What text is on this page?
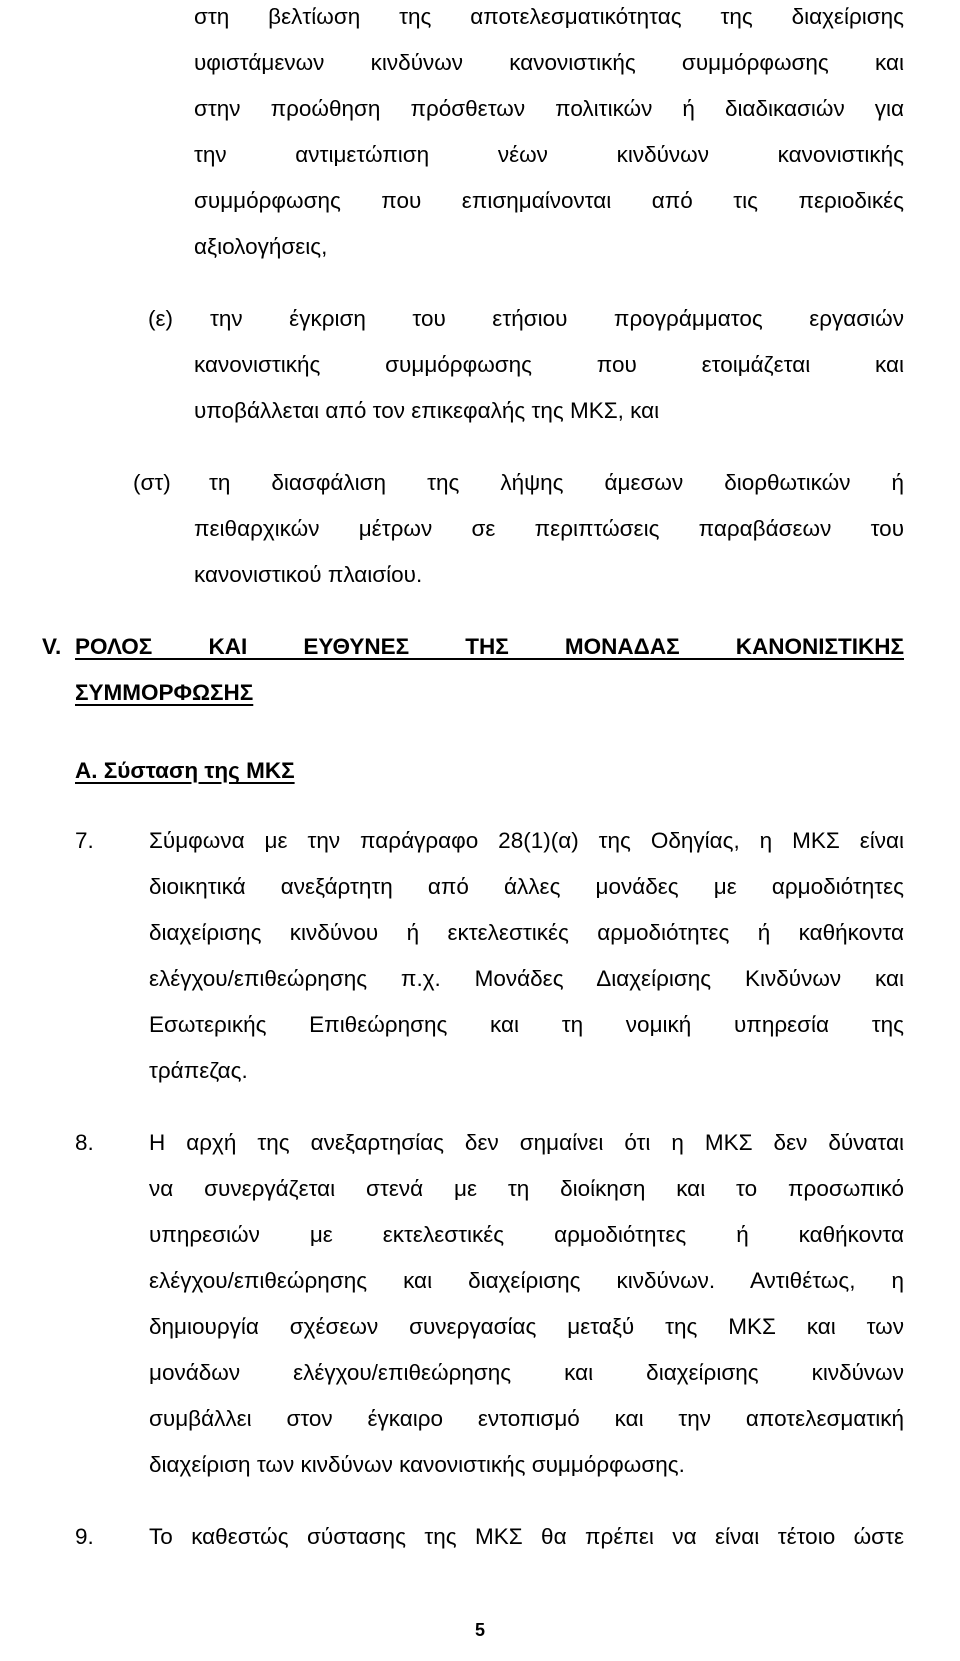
στη βελτίωση της αποτελεσματικότητας της διαχείρισης
υφιστάμενων κινδύνων κανονιστικής συμμόρφωσης και
στην προώθηση πρόσθετων πολιτικών ή διαδικασιών για
την αντιμετώπιση νέων κινδύνων κανονιστικής
συμμόρφωσης που επισημαίνονται από τις περιοδικές
αξιολογήσεις,
(ε) την έγκριση του ετήσιου προγράμματος εργασιών
κανονιστικής συμμόρφωσης που ετοιμάζεται και
υποβάλλεται από τον επικεφαλής της ΜΚΣ, και
(στ) τη διασφάλιση της λήψης άμεσων διορθωτικών ή
πειθαρχικών μέτρων σε περιπτώσεις παραβάσεων του
κανονιστικού πλαισίου.
V. ΡΟΛΟΣ ΚΑΙ ΕΥΘΥΝΕΣ ΤΗΣ ΜΟΝΑΔΑΣ ΚΑΝΟΝΙΣΤΙΚΗΣ
ΣΥΜΜΟΡΦΩΣΗΣ
Α. Σύσταση της ΜΚΣ
7. Σύμφωνα με την παράγραφο 28(1)(α) της Οδηγίας, η ΜΚΣ είναι
διοικητικά ανεξάρτητη από άλλες μονάδες με αρμοδιότητες
διαχείρισης κινδύνου ή εκτελεστικές αρμοδιότητες ή καθήκοντα
ελέγχου/επιθεώρησης π.χ. Μονάδες Διαχείρισης Κινδύνων και
Εσωτερικής Επιθεώρησης και τη νομική υπηρεσία της
τράπεζας.
8. Η αρχή της ανεξαρτησίας δεν σημαίνει ότι η ΜΚΣ δεν δύναται
να συνεργάζεται στενά με τη διοίκηση και το προσωπικό
υπηρεσιών με εκτελεστικές αρμοδιότητες ή καθήκοντα
ελέγχου/επιθεώρησης και διαχείρισης κινδύνων. Αντιθέτως, η
δημιουργία σχέσεων συνεργασίας μεταξύ της ΜΚΣ και των
μονάδων ελέγχου/επιθεώρησης και διαχείρισης κινδύνων
συμβάλλει στον έγκαιρο εντοπισμό και την αποτελεσματική
διαχείριση των κινδύνων κανονιστικής συμμόρφωσης.
9. Το καθεστώς σύστασης της ΜΚΣ θα πρέπει να είναι τέτοιο ώστε
5
